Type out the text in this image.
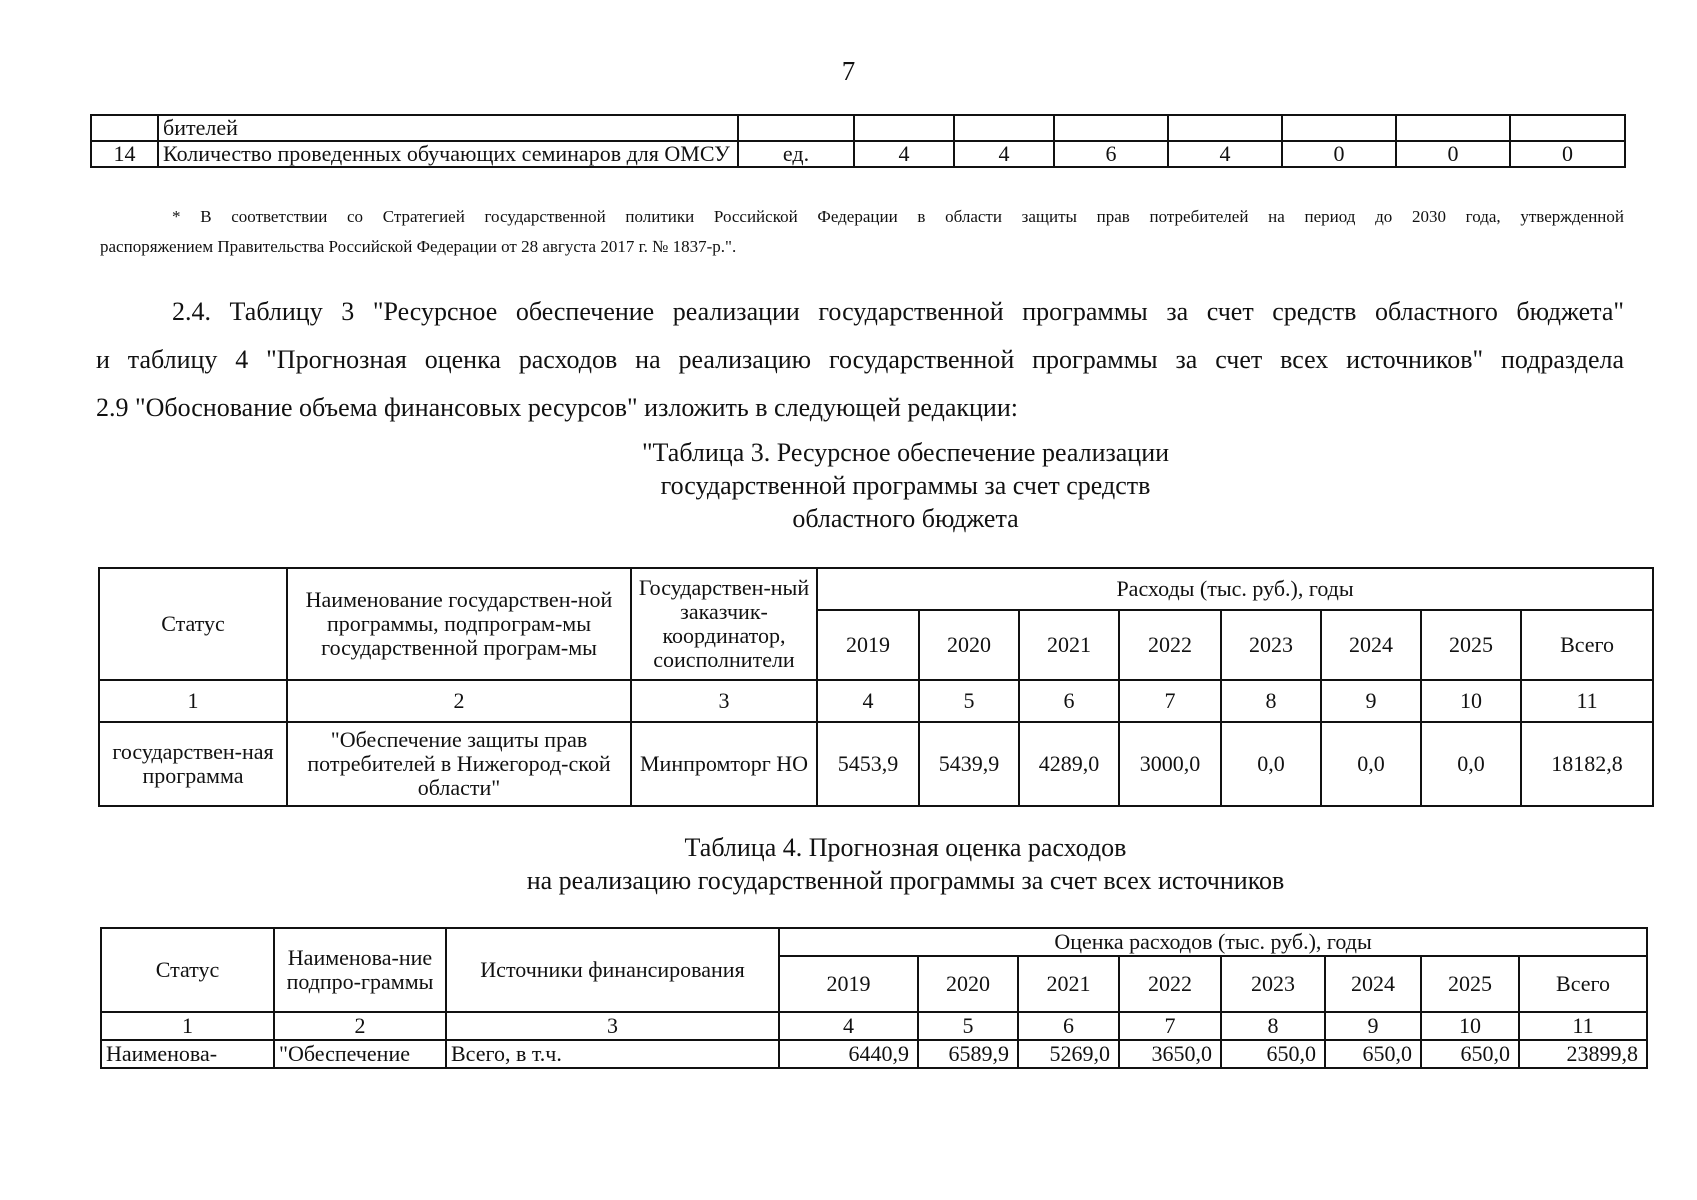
7
	бителей								
14	Количество проведенных обучающих семинаров для ОМСУ	ед.	4	4	6	4	0	0	0

* В соответствии со Стратегией государственной политики Российской Федерации в области защиты прав потребителей на период до 2030 года, утвержденной

распоряжением Правительства Российской Федерации от 28 августа 2017 г. № 1837-р.".

2.4. Таблицу 3 "Ресурсное обеспечение реализации государственной программы за счет средств областного бюджета"

и таблицу 4 "Прогнозная оценка расходов на реализацию государственной программы за счет всех источников" подраздела

2.9 "Обоснование объема финансовых ресурсов" изложить в следующей редакции:

"Таблица 3. Ресурсное обеспечение реализации
государственной программы за счет средств
областного бюджета
Статус	Наименование государствен-ной программы, подпрограм-мы государственной програм-мы	Государствен-ный заказчик-координатор, соисполнители	Расходы (тыс. руб.), годы							
			2019	2020	2021	2022	2023	2024	2025	Всего
1	2	3	4	5	6	7	8	9	10	11
государствен-ная программа	"Обеспечение защиты прав потребителей в Нижегород-ской области"	Минпромторг НО	5453,9	5439,9	4289,0	3000,0	0,0	0,0	0,0	18182,8
Таблица 4. Прогнозная оценка расходов
на реализацию государственной программы за счет всех источников
Статус	Наименова-ние подпро-граммы	Источники финансирования	Оценка расходов (тыс. руб.), годы							
			2019	2020	2021	2022	2023	2024	2025	Всего
1	2	3	4	5	6	7	8	9	10	11
Наименова-	"Обеспечение	Всего, в т.ч.	6440,9	6589,9	5269,0	3650,0	650,0	650,0	650,0	23899,8
